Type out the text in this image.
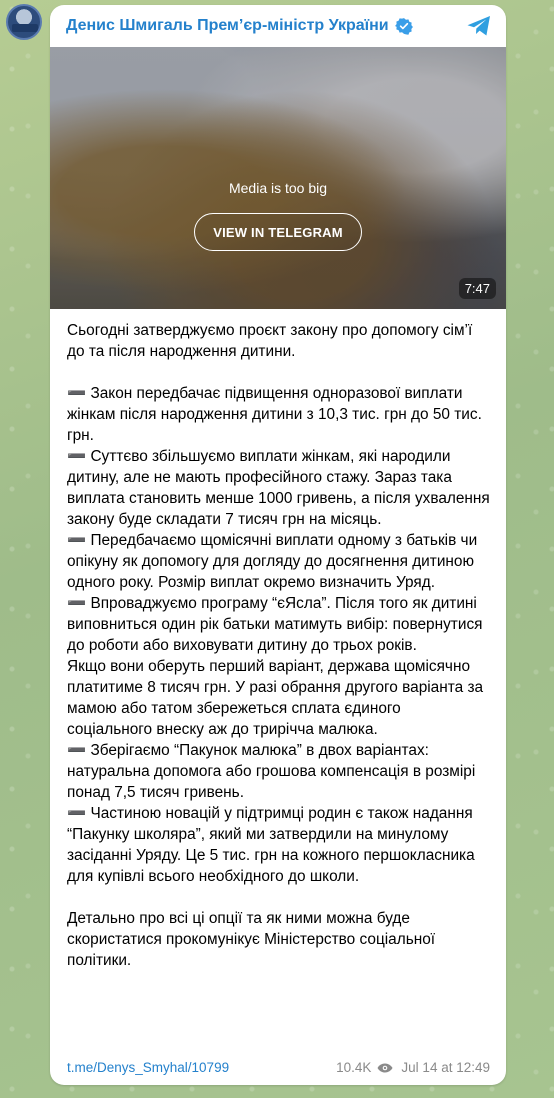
Денис Шмигаль Прем’єр-міністр України
Media is too big
VIEW IN TELEGRAM
7:47

Сьогодні затверджуємо проєкт закону про допомогу сім’ї до та після народження дитини.

➖ Закон передбачає підвищення одноразової виплати жінкам після народження дитини з 10,3 тис. грн до 50 тис. грн.

➖ Суттєво збільшуємо виплати жінкам, які народили дитину, але не мають професійного стажу. Зараз така виплата становить менше 1000 гривень, а після ухвалення закону буде складати 7 тисяч грн на місяць.

➖ Передбачаємо щомісячні виплати одному з батьків чи опікуну як допомогу для догляду до досягнення дитиною одного року. Розмір виплат окремо визначить Уряд.

➖ Впроваджуємо програму “єЯсла”. Після того як дитині виповниться один рік батьки матимуть вибір: повернутися до роботи або виховувати дитину до трьох років.

Якщо вони оберуть перший варіант, держава щомісячно платитиме 8 тисяч грн. У разі обрання другого варіанта за мамою або татом збережеться сплата єдиного соціального внеску аж до трирічча малюка.

➖ Зберігаємо “Пакунок малюка” в двох варіантах: натуральна допомога або грошова компенсація в розмірі понад 7,5 тисяч гривень.

➖ Частиною новацій у підтримці родин є також надання “Пакунку школяра”, який ми затвердили на минулому засіданні Уряду. Це 5 тис. грн на кожного першокласника для купівлі всього необхідного до школи.

Детально про всі ці опції та як ними можна буде скористатися прокомунікує Міністерство соціальної політики.

t.me/Denys_Smyhal/10799	10.4K Jul 14 at 12:49
